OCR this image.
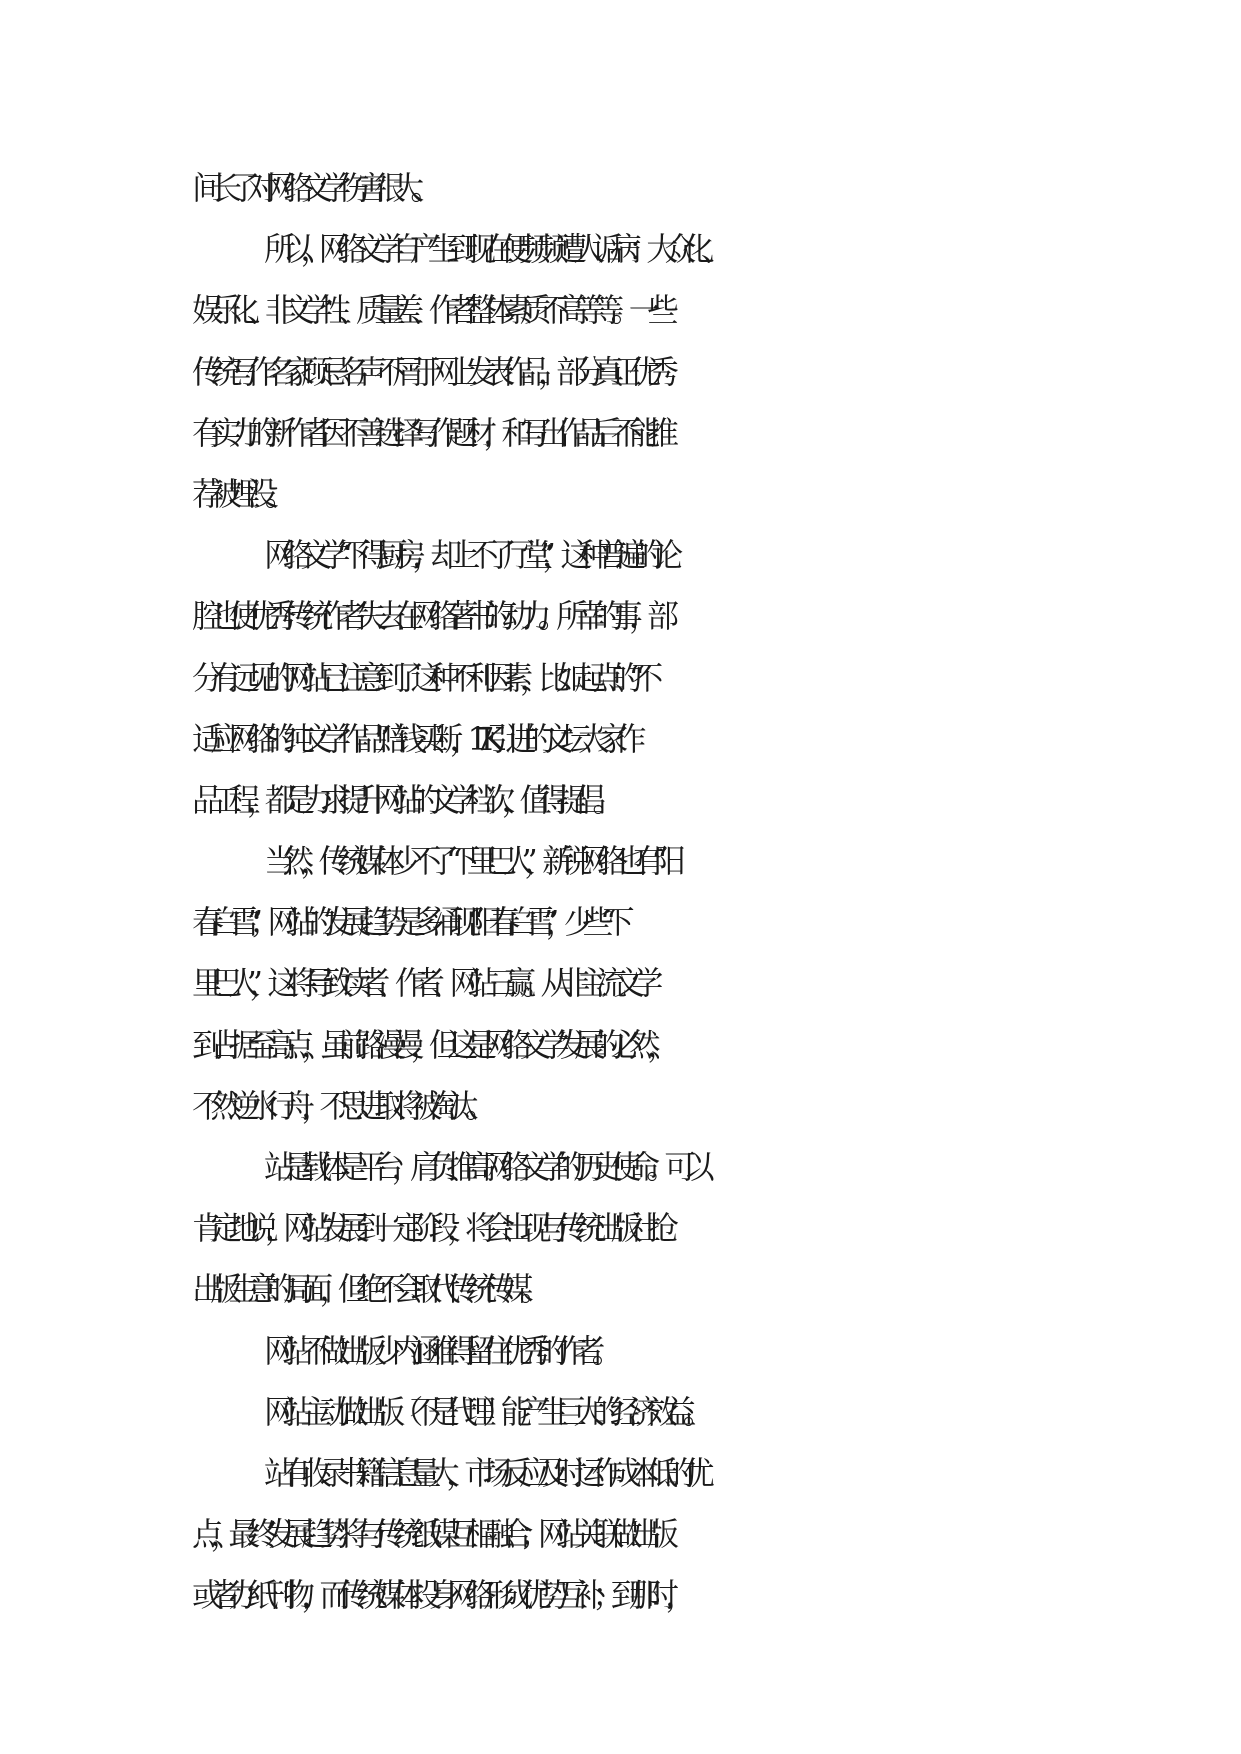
间长了对网络文学伤害很大。
所以，网络文学自产生到现在便频频遭人诟病：大众化、
娱乐化、非文学性、质量差、作者整体素质不高等等。一些
传统写作名家顾忌名声不屑于网上发表作品，部分真正优秀
有实力的新作者因不善选择写作题材，和写出作品后不能推
荐被埋没。
网络文学“下得厨房，却上不了厅堂”，这种普遍的论
腔也使优秀传统作者失去在网络著书的动力。所幸的事，部
分有远见的网站已注意到了这种不利因素，比如起点的“不
适应网络的纯文学作品”赔钱买断，17K 引进的文坛大家作
品工程，都是力求提升网站的文学档次，值得提倡。
当然，传统媒体少不了“下里巴人”，新锐网络也有“阳
春白雪”；网站的发展趋势是多涌现“阳春白雪”，少些“下
里巴人”，这将导致读者、作者、网站三赢。从非主流文学
到占据至高点，虽前路漫漫，但这是网络文学发展的必然，
不然逆水行舟，不思进取将被淘汰。
站是载体是平台，肩负推高网络文学的历史使命。可以
肯定地说，网站发展到一定阶段，将会出现与传统出版社抢
出版生意的局面，但绝不会取代传统传媒。
网站不做出版少内涵难得留住优秀的作者。
网站主动做出版（不是代理）能产生巨大的经济效益。
站有收录书籍信息量大，市场反应及时运作成本低的优
点，最终发展趋势将与传统纸媒互相融合；网站关联做出版
或者办纸刊物，而传统媒体投身网络形成优势互补；到那时，
